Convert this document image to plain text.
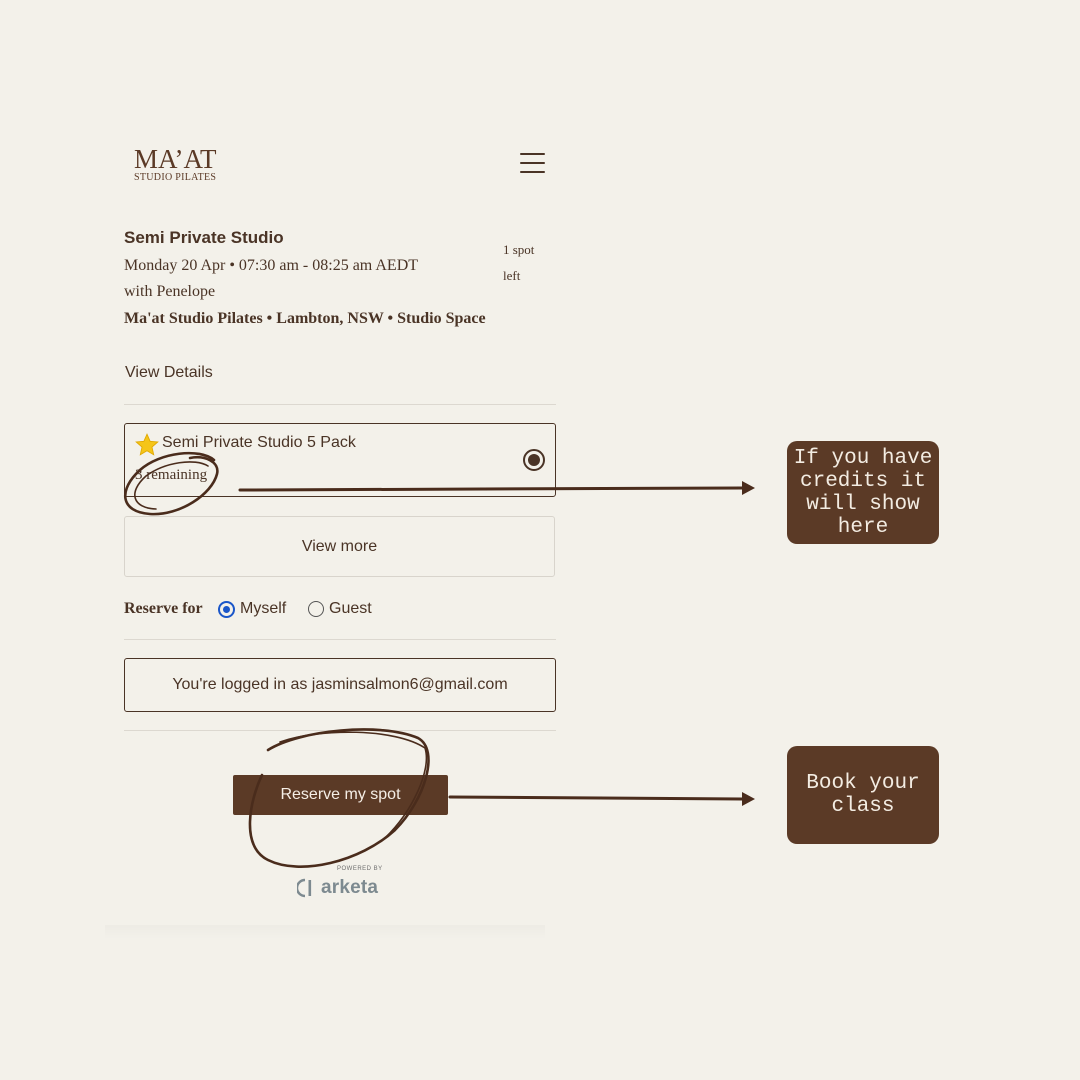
MA’AT
STUDIO PILATES
Semi Private Studio
1 spot
left
Monday 20 Apr • 07:30 am - 08:25 am AEDT
with Penelope
Ma'at Studio Pilates • Lambton, NSW • Studio Space
View Details
Semi Private Studio 5 Pack
3 remaining
View more
Reserve for Myself	Guest
You're logged in as jasminsalmon6@gmail.com
Reserve my spot
POWERED BY
arketa
If you have credits it will show here
Book your class
